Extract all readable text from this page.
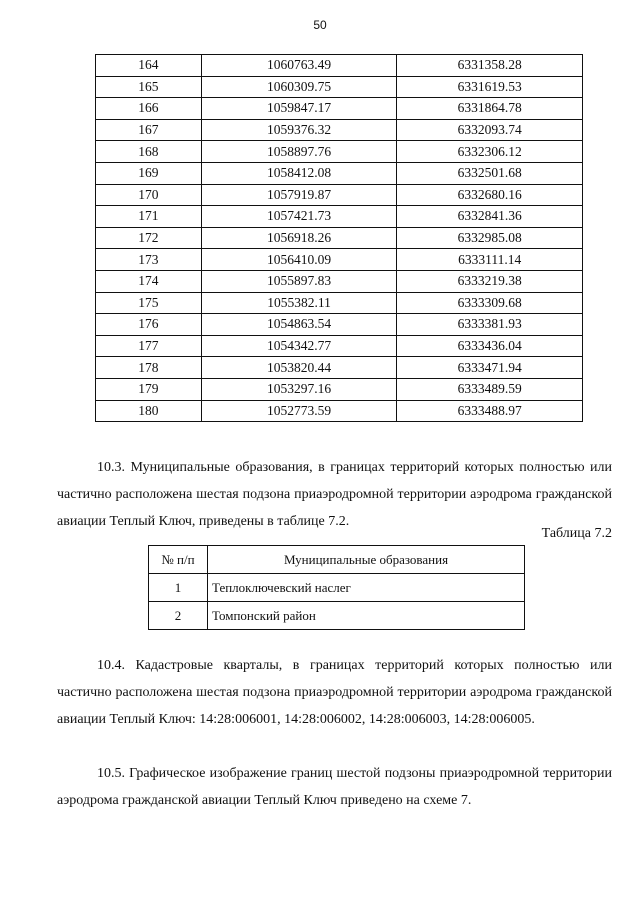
50
164	1060763.49	6331358.28
165	1060309.75	6331619.53
166	1059847.17	6331864.78
167	1059376.32	6332093.74
168	1058897.76	6332306.12
169	1058412.08	6332501.68
170	1057919.87	6332680.16
171	1057421.73	6332841.36
172	1056918.26	6332985.08
173	1056410.09	6333111.14
174	1055897.83	6333219.38
175	1055382.11	6333309.68
176	1054863.54	6333381.93
177	1054342.77	6333436.04
178	1053820.44	6333471.94
179	1053297.16	6333489.59
180	1052773.59	6333488.97

10.3. Муниципальные образования, в границах территорий которых полностью или частично расположена шестая подзона приаэродромной территории аэродрома гражданской авиации Теплый Ключ, приведены в таблице 7.2.

Таблица 7.2
№ п/п	Муниципальные образования
1	Теплоключевский наслег
2	Томпонский район

10.4. Кадастровые кварталы, в границах территорий которых полностью или частично расположена шестая подзона приаэродромной территории аэродрома гражданской авиации Теплый Ключ: 14:28:006001, 14:28:006002, 14:28:006003, 14:28:006005.

10.5. Графическое изображение границ шестой подзоны приаэродромной территории аэродрома гражданской авиации Теплый Ключ приведено на схеме 7.
